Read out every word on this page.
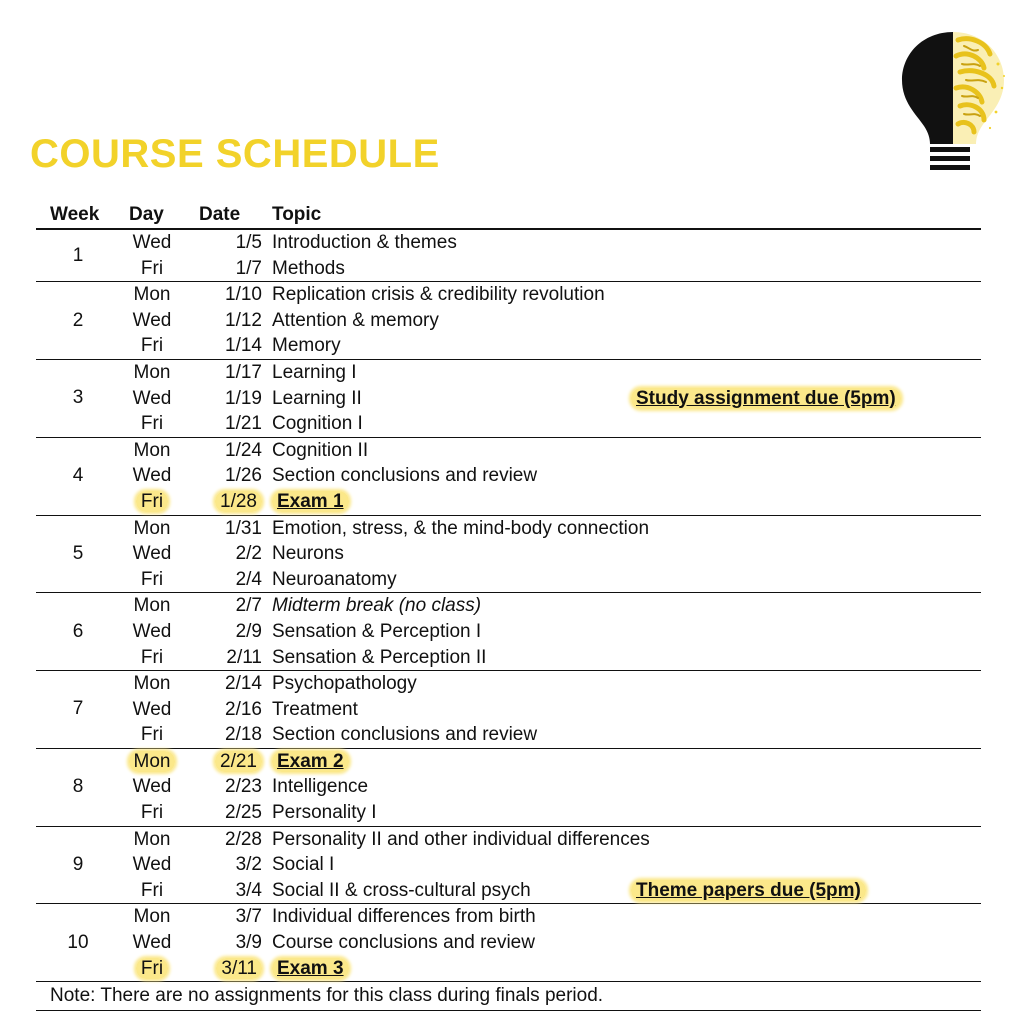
COURSE SCHEDULE
Week Day Date	Topic
1
Wed	1/5 Introduction & themes
Fri	1/7 Methods
2
Mon	1/10 Replication crisis & credibility revolution
Wed	1/12 Attention & memory
Fri	1/14 Memory
3
Mon	1/17 Learning I
Wed	1/19 Learning II	Study assignment due (5pm)
Fri	1/21 Cognition I
4
Mon	1/24 Cognition II
Wed	1/26 Section conclusions and review
Fri	1/28 Exam 1
5
Mon	1/31 Emotion, stress, & the mind-body connection
Wed	2/2 Neurons
Fri	2/4 Neuroanatomy
6
Mon	2/7 Midterm break (no class)
Wed	2/9 Sensation & Perception I
Fri	2/11 Sensation & Perception II
7
Mon	2/14 Psychopathology
Wed	2/16 Treatment
Fri	2/18 Section conclusions and review
8
Mon	2/21 Exam 2
Wed	2/23 Intelligence
Fri	2/25 Personality I
9
Mon	2/28 Personality II and other individual differences
Wed	3/2 Social I
Fri	3/4 Social II & cross-cultural psych	Theme papers due (5pm)
10
Mon	3/7 Individual differences from birth
Wed	3/9 Course conclusions and review
Fri	3/11 Exam 3
Note: There are no assignments for this class during finals period.
